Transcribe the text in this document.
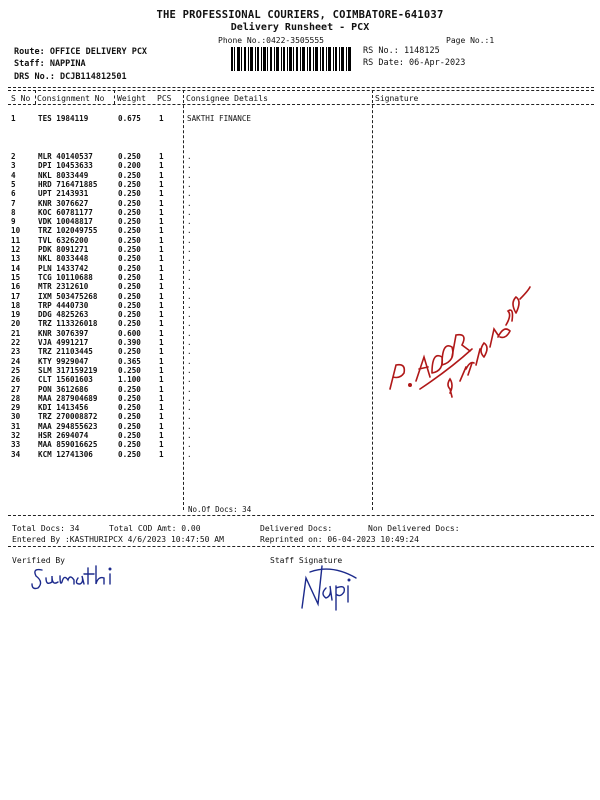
THE PROFESSIONAL COURIERS, COIMBATORE-641037
Delivery Runsheet - PCX
Phone No.:0422-3505555	Page No.:1
Route: OFFICE DELIVERY PCX
Staff: NAPPINA
DRS No.: DCJB114812501
RS No.: 1148125
RS Date: 06-Apr-2023
S No Consignment No Weight PCS Consignee Details	Signature
1	TES 1984119	0.675 1	SAKTHI FINANCE
2	MLR 40140537	0.250 1	.
3	DPI 10453633	0.200 1	.
4	NKL 8033449	0.250 1	.
5	HRD 716471885	0.250 1	.
6	UPT 2143931	0.250 1	.
7	KNR 3076627	0.250 1	.
8	KOC 60781177	0.250 1	.
9	VDK 10048817	0.250 1	.
10 TRZ 102049755	0.250 1	.
11 TVL 6326200	0.250 1	.
12 PDK 8091271	0.250 1	.
13 NKL 8033448	0.250 1	.
14 PLN 1433742	0.250 1	.
15 TCG 10110688	0.250 1	.
16 MTR 2312610	0.250 1	.
17 IXM 503475268	0.250 1	.
18 TRP 4440730	0.250 1	.
19 DDG 4825263	0.250 1	.
20 TRZ 113326018	0.250 1	.
21 KNR 3076397	0.600 1	.
22 VJA 4991217	0.390 1	.
23 TRZ 21103445	0.250 1	.
24 KTY 9929047	0.365 1	.
25 SLM 317159219	0.250 1	.
26 CLT 15601603	1.100 1	.
27 PON 3612686	0.250 1	.
28 MAA 287904689	0.250 1	.
29 KDI 1413456	0.250 1	.
30 TRZ 270008872	0.250 1	.
31 MAA 294855623	0.250 1	.
32 HSR 2694074	0.250 1	.
33 MAA 859016625	0.250 1	.
34 KCM 12741306	0.250 1	.
No.Of Docs: 34
Total Docs: 34	Total COD Amt: 0.00	Delivered Docs:	Non Delivered Docs:
Entered By :KASTHURIPCX 4/6/2023 10:47:50 AM	Reprinted on: 06-04-2023 10:49:24
Verified By	Staff Signature
